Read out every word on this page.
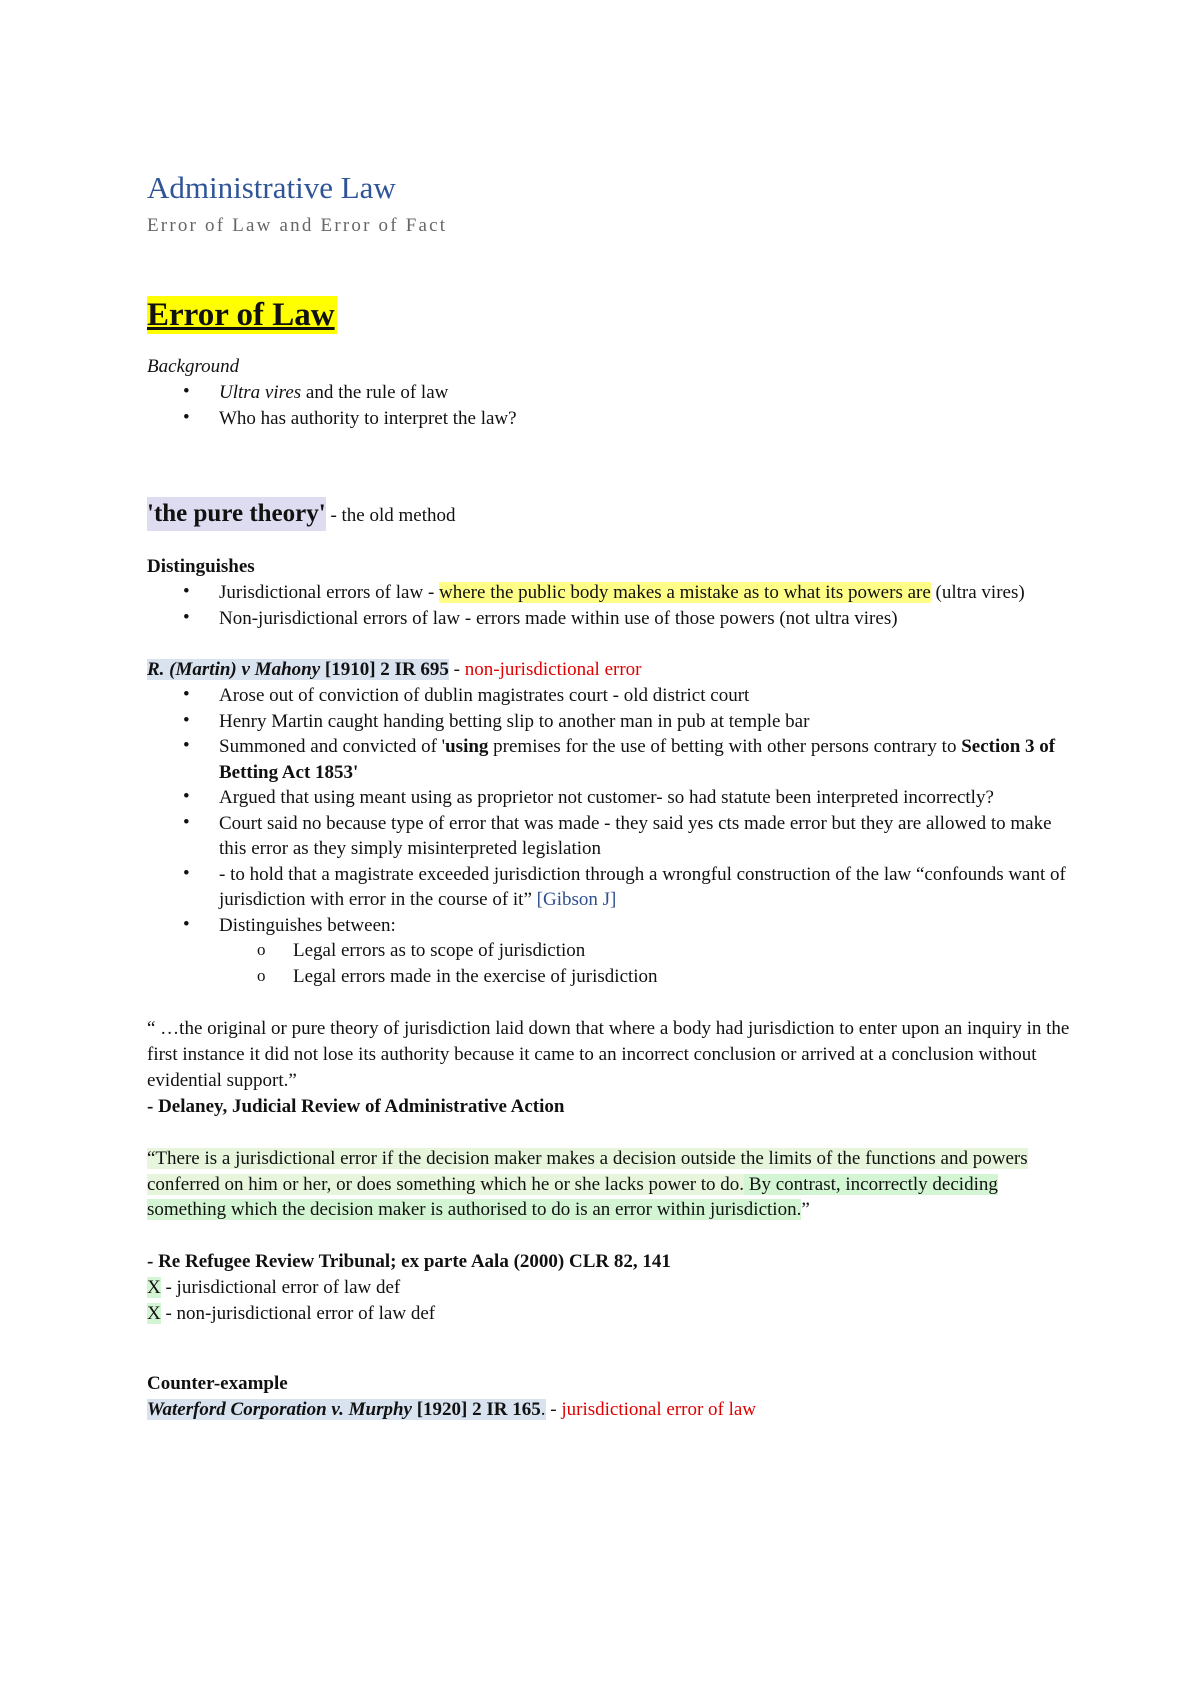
Administrative Law
Error of Law and Error of Fact
Error of Law
Background
• Ultra vires and the rule of law
• Who has authority to interpret the law?
'the pure theory' - the old method
Distinguishes
• Jurisdictional errors of law - where the public body makes a mistake as to what its powers are (ultra vires)
• Non-jurisdictional errors of law - errors made within use of those powers (not ultra vires)
R. (Martin) v Mahony [1910] 2 IR 695 - non-jurisdictional error
• Arose out of conviction of dublin magistrates court - old district court
• Henry Martin caught handing betting slip to another man in pub at temple bar
• Summoned and convicted of 'using premises for the use of betting with other persons contrary to Section 3 of Betting Act 1853'
• Argued that using meant using as proprietor not customer- so had statute been interpreted incorrectly?
• Court said no because type of error that was made - they said yes cts made error but they are allowed to make this error as they simply misinterpreted legislation
• - to hold that a magistrate exceeded jurisdiction through a wrongful construction of the law “confounds want of jurisdiction with error in the course of it” [Gibson J]
• Distinguishes between:
o Legal errors as to scope of jurisdiction
o Legal errors made in the exercise of jurisdiction
“ …the original or pure theory of jurisdiction laid down that where a body had jurisdiction to enter upon an inquiry in the first instance it did not lose its authority because it came to an incorrect conclusion or arrived at a conclusion without evidential support.”
- Delaney, Judicial Review of Administrative Action
“There is a jurisdictional error if the decision maker makes a decision outside the limits of the functions and powers conferred on him or her, or does something which he or she lacks power to do. By contrast, incorrectly deciding something which the decision maker is authorised to do is an error within jurisdiction.”
- Re Refugee Review Tribunal; ex parte Aala (2000) CLR 82, 141
X - jurisdictional error of law def
X - non-jurisdictional error of law def
Counter-example
Waterford Corporation v. Murphy [1920] 2 IR 165. - jurisdictional error of law
